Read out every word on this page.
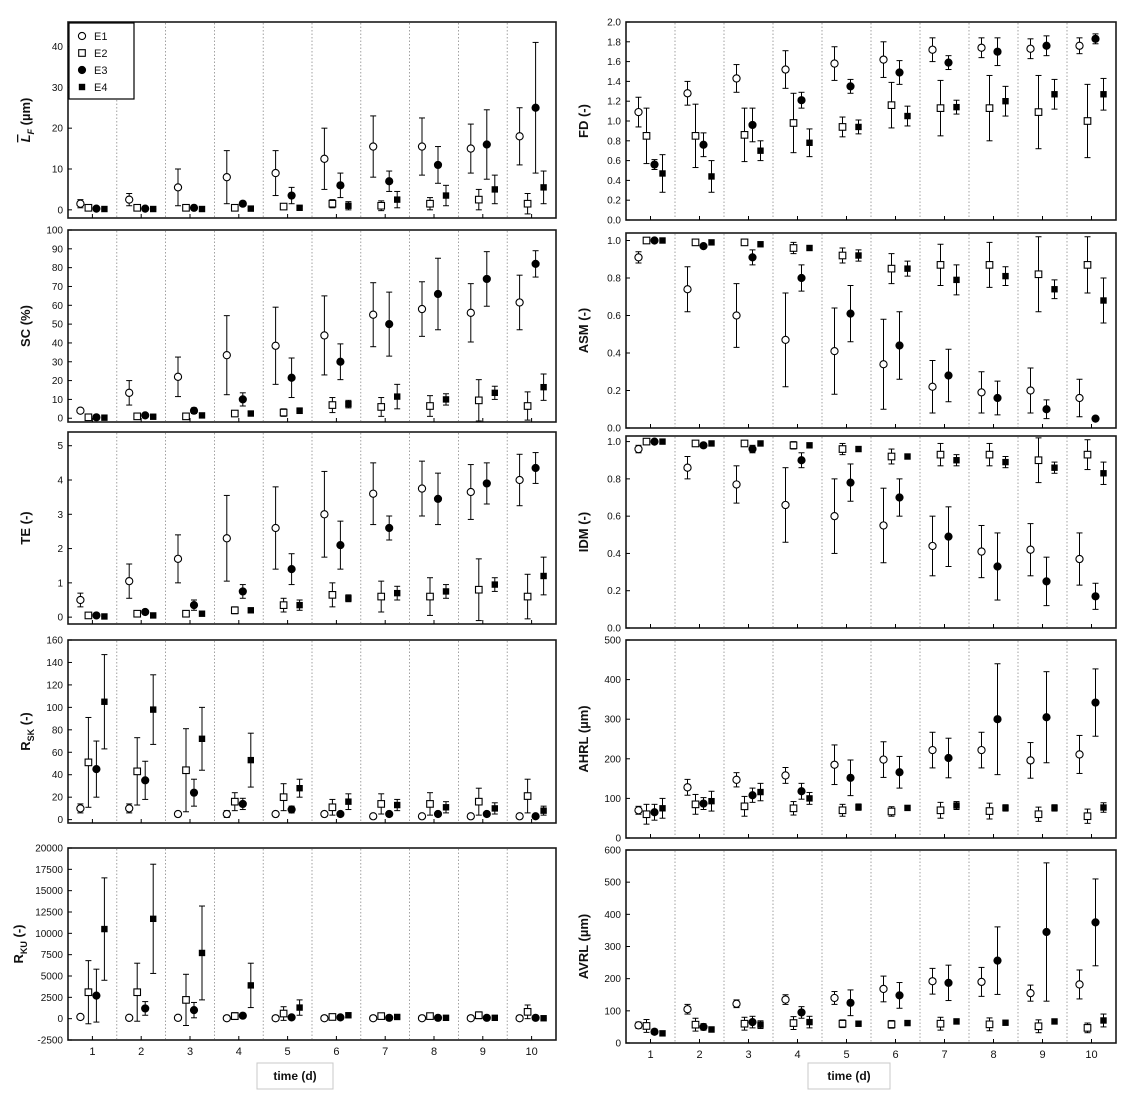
0
10
20
30
40
$L_F$ (µm)
E1
E2
E3
E4
0.0
0.2
0.4
0.6
0.8
1.0
1.2
1.4
1.6
1.8
2.0
FD (-)
0
10
20
30
40
50
60
70
80
90
100
SC (%)
0.0
0.2
0.4
0.6
0.8
1.0
ASM (-)
0
1
2
3
4
5
TE (-)
0.0
0.2
0.4
0.6
0.8
1.0
IDM (-)
0
20
40
60
80
100
120
140
160
$R_{SK}$ (-)
0
100
200
300
400
500
AHRL (µm)
-2500
0
2500
5000
7500
10000
12500
15000
17500
20000
1	2	3	4	5	6	7	8	9	10
$R_{KU}$ (-)
0
100
200
300
400
500
600
1	2	3	4	5	6	7	8	9	10
AVRL (µm)
time (d)	time (d)
